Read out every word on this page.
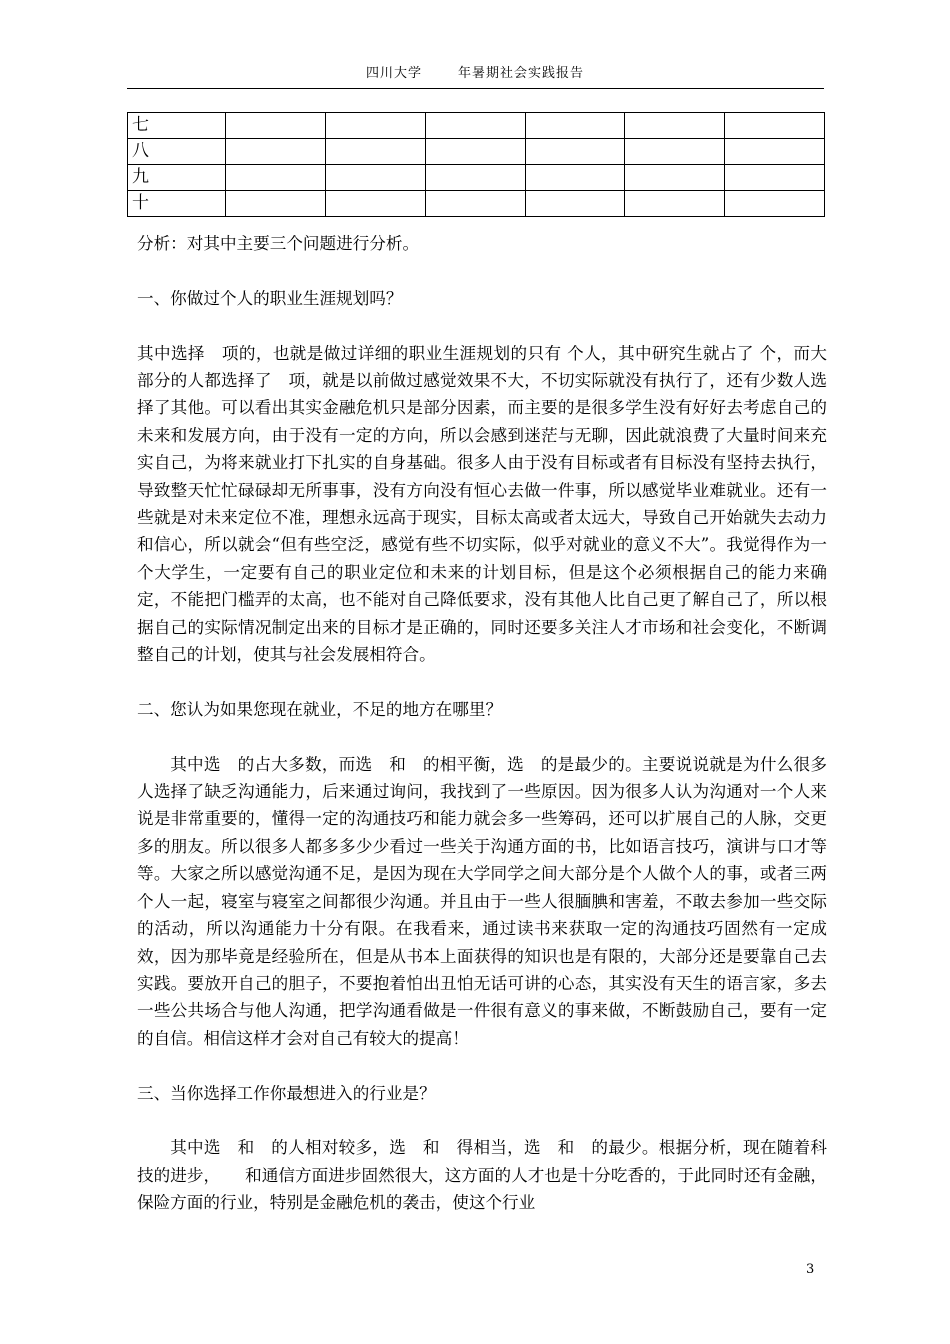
四川大学	年暑期社会实践报告
七						
八						
九						
十						

分析：对其中主要三个问题进行分析。

一、你做过个人的职业生涯规划吗？

其中选择　项的，也就是做过详细的职业生涯规划的只有 个人，其中研究生就占了 个，而大部分的人都选择了　项，就是以前做过感觉效果不大，不切实际就没有执行了，还有少数人选择了其他。可以看出其实金融危机只是部分因素，而主要的是很多学生没有好好去考虑自己的未来和发展方向，由于没有一定的方向，所以会感到迷茫与无聊，因此就浪费了大量时间来充实自己，为将来就业打下扎实的自身基础。很多人由于没有目标或者有目标没有坚持去执行，导致整天忙忙碌碌却无所事事，没有方向没有恒心去做一件事，所以感觉毕业难就业。还有一些就是对未来定位不准，理想永远高于现实，目标太高或者太远大，导致自己开始就失去动力和信心，所以就会“但有些空泛，感觉有些不切实际，似乎对就业的意义不大”。我觉得作为一个大学生，一定要有自己的职业定位和未来的计划目标，但是这个必须根据自己的能力来确定，不能把门槛弄的太高，也不能对自己降低要求，没有其他人比自己更了解自己了，所以根据自己的实际情况制定出来的目标才是正确的，同时还要多关注人才市场和社会变化，不断调整自己的计划，使其与社会发展相符合。

二、您认为如果您现在就业，不足的地方在哪里？

其中选　的占大多数，而选　和　的相平衡，选　的是最少的。主要说说就是为什么很多人选择了缺乏沟通能力，后来通过询问，我找到了一些原因。因为很多人认为沟通对一个人来说是非常重要的，懂得一定的沟通技巧和能力就会多一些筹码，还可以扩展自己的人脉，交更多的朋友。所以很多人都多多少少看过一些关于沟通方面的书，比如语言技巧，演讲与口才等等。大家之所以感觉沟通不足，是因为现在大学同学之间大部分是个人做个人的事，或者三两个人一起，寝室与寝室之间都很少沟通。并且由于一些人很腼腆和害羞，不敢去参加一些交际的活动，所以沟通能力十分有限。在我看来，通过读书来获取一定的沟通技巧固然有一定成效，因为那毕竟是经验所在，但是从书本上面获得的知识也是有限的，大部分还是要靠自己去实践。要放开自己的胆子，不要抱着怕出丑怕无话可讲的心态，其实没有天生的语言家，多去一些公共场合与他人沟通，把学沟通看做是一件很有意义的事来做，不断鼓励自己，要有一定的自信。相信这样才会对自己有较大的提高！

三、当你选择工作你最想进入的行业是？

其中选　和　的人相对较多，选　和　得相当，选　和　的最少。根据分析，现在随着科技的进步，　　和通信方面进步固然很大，这方面的人才也是十分吃香的，于此同时还有金融，保险方面的行业，特别是金融危机的袭击，使这个行业

3
